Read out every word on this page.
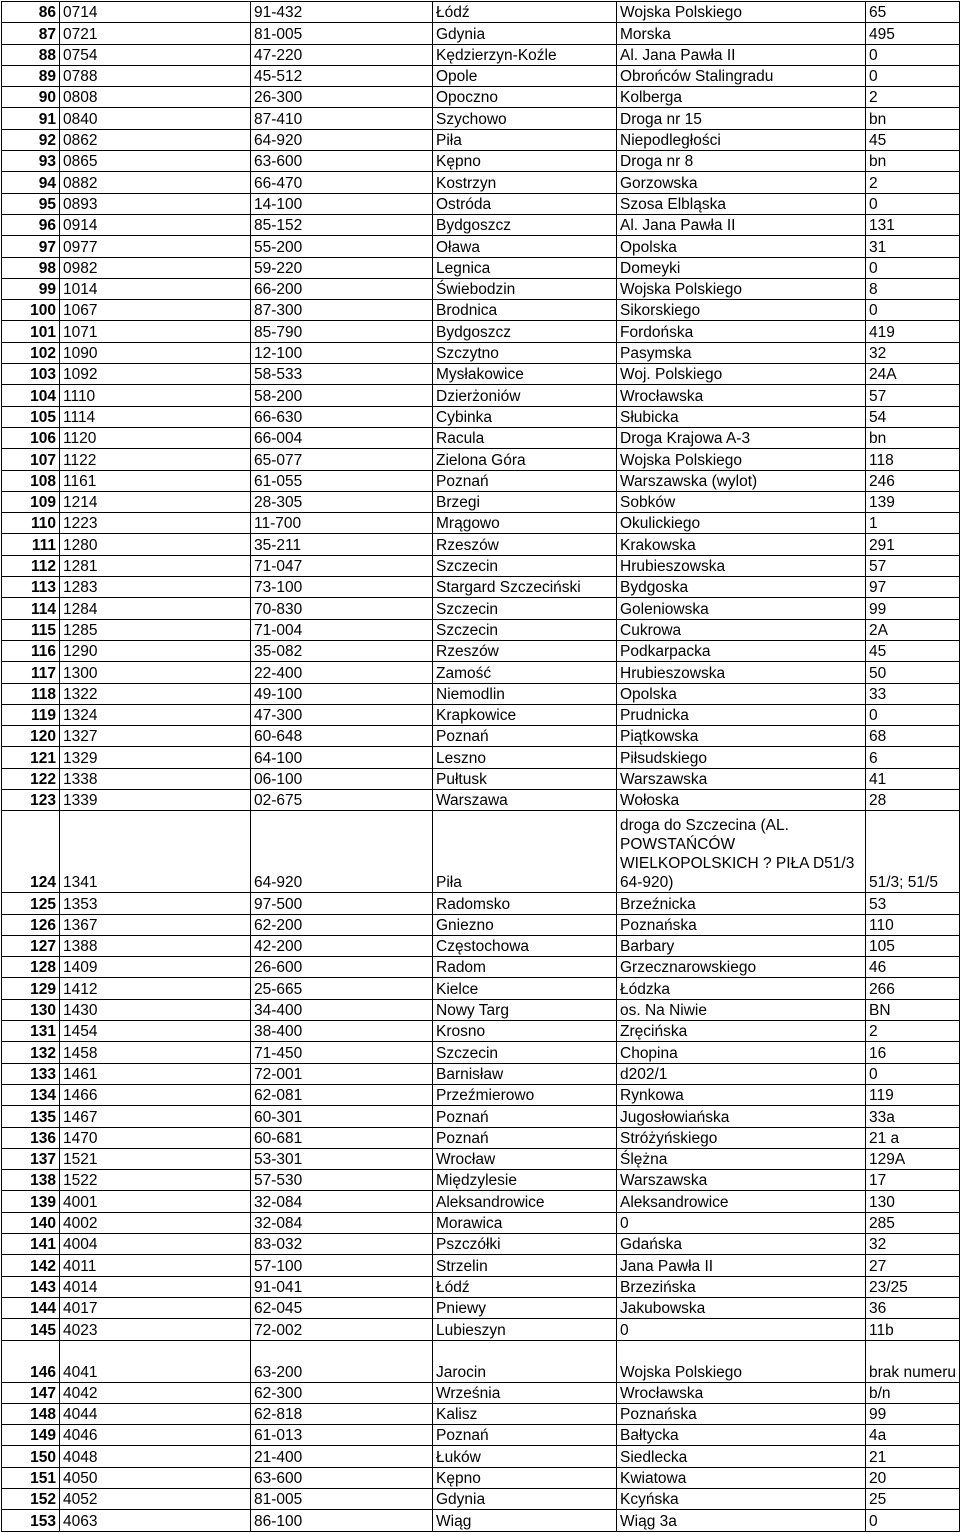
86	0714	91-432	Łódź	Wojska Polskiego	65
87	0721	81-005	Gdynia	Morska	495
88	0754	47-220	Kędzierzyn-Koźle	Al. Jana Pawła II	0
89	0788	45-512	Opole	Obrońców Stalingradu	0
90	0808	26-300	Opoczno	Kolberga	2
91	0840	87-410	Szychowo	Droga nr 15	bn
92	0862	64-920	Piła	Niepodległości	45
93	0865	63-600	Kępno	Droga nr 8	bn
94	0882	66-470	Kostrzyn	Gorzowska	2
95	0893	14-100	Ostróda	Szosa Elbląska	0
96	0914	85-152	Bydgoszcz	Al. Jana Pawła II	131
97	0977	55-200	Oława	Opolska	31
98	0982	59-220	Legnica	Domeyki	0
99	1014	66-200	Świebodzin	Wojska Polskiego	8
100	1067	87-300	Brodnica	Sikorskiego	0
101	1071	85-790	Bydgoszcz	Fordońska	419
102	1090	12-100	Szczytno	Pasymska	32
103	1092	58-533	Mysłakowice	Woj. Polskiego	24A
104	1110	58-200	Dzierżoniów	Wrocławska	57
105	1114	66-630	Cybinka	Słubicka	54
106	1120	66-004	Racula	Droga Krajowa A-3	bn
107	1122	65-077	Zielona Góra	Wojska Polskiego	118
108	1161	61-055	Poznań	Warszawska (wylot)	246
109	1214	28-305	Brzegi	Sobków	139
110	1223	11-700	Mrągowo	Okulickiego	1
111	1280	35-211	Rzeszów	Krakowska	291
112	1281	71-047	Szczecin	Hrubieszowska	57
113	1283	73-100	Stargard Szczeciński	Bydgoska	97
114	1284	70-830	Szczecin	Goleniowska	99
115	1285	71-004	Szczecin	Cukrowa	2A
116	1290	35-082	Rzeszów	Podkarpacka	45
117	1300	22-400	Zamość	Hrubieszowska	50
118	1322	49-100	Niemodlin	Opolska	33
119	1324	47-300	Krapkowice	Prudnicka	0
120	1327	60-648	Poznań	Piątkowska	68
121	1329	64-100	Leszno	Piłsudskiego	6
122	1338	06-100	Pułtusk	Warszawska	41
123	1339	02-675	Warszawa	Wołoska	28
124	1341	64-920	Piła	droga do Szczecina (AL. POWSTAŃCÓW WIELKOPOLSKICH ? PIŁA D51/3 64-920)	51/3; 51/5
125	1353	97-500	Radomsko	Brzeźnicka	53
126	1367	62-200	Gniezno	Poznańska	110
127	1388	42-200	Częstochowa	Barbary	105
128	1409	26-600	Radom	Grzecznarowskiego	46
129	1412	25-665	Kielce	Łódzka	266
130	1430	34-400	Nowy Targ	os. Na Niwie	BN
131	1454	38-400	Krosno	Zręcińska	2
132	1458	71-450	Szczecin	Chopina	16
133	1461	72-001	Barnisław	d202/1	0
134	1466	62-081	Przeźmierowo	Rynkowa	119
135	1467	60-301	Poznań	Jugosłowiańska	33a
136	1470	60-681	Poznań	Stróżyńskiego	21 a
137	1521	53-301	Wrocław	Ślężna	129A
138	1522	57-530	Międzylesie	Warszawska	17
139	4001	32-084	Aleksandrowice	Aleksandrowice	130
140	4002	32-084	Morawica	0	285
141	4004	83-032	Pszczółki	Gdańska	32
142	4011	57-100	Strzelin	Jana Pawła II	27
143	4014	91-041	Łódź	Brzezińska	23/25
144	4017	62-045	Pniewy	Jakubowska	36
145	4023	72-002	Lubieszyn	0	11b
146	4041	63-200	Jarocin	Wojska Polskiego	brak numeru
147	4042	62-300	Września	Wrocławska	b/n
148	4044	62-818	Kalisz	Poznańska	99
149	4046	61-013	Poznań	Bałtycka	4a
150	4048	21-400	Łuków	Siedlecka	21
151	4050	63-600	Kępno	Kwiatowa	20
152	4052	81-005	Gdynia	Kcyńska	25
153	4063	86-100	Wiąg	Wiąg 3a	0
